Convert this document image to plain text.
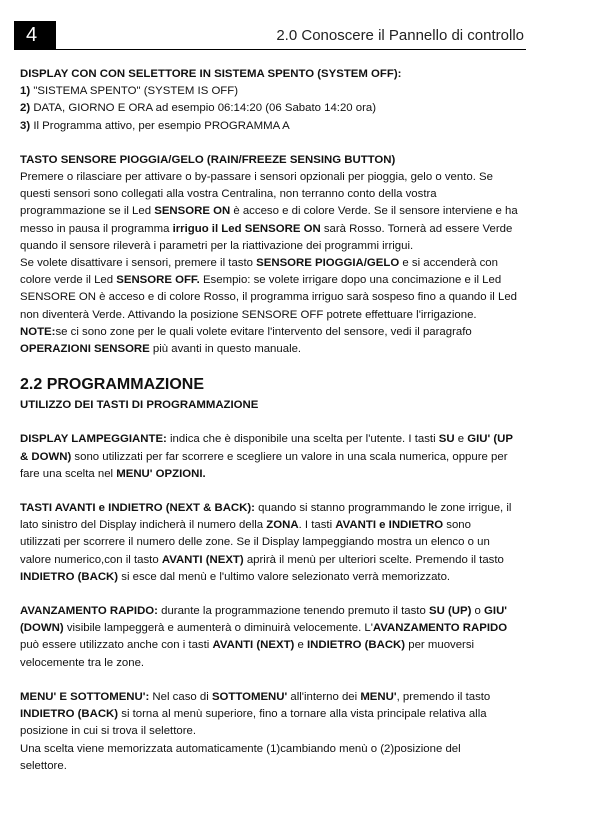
4	2.0 Conoscere il Pannello di controllo
DISPLAY CON CON SELETTORE IN SISTEMA SPENTO (SYSTEM OFF):
1) "SISTEMA SPENTO" (SYSTEM IS OFF)
2) DATA, GIORNO E ORA ad esempio 06:14:20 (06 Sabato 14:20 ora)
3) Il Programma attivo, per esempio PROGRAMMA A
TASTO SENSORE PIOGGIA/GELO (RAIN/FREEZE SENSING BUTTON)
Premere o rilasciare per attivare o by-passare i sensori opzionali per pioggia, gelo o vento. Se
questi sensori sono collegati alla vostra Centralina, non terranno conto della vostra
programmazione se il Led SENSORE ON è acceso e di colore Verde. Se il sensore interviene e ha
messo in pausa il programma irriguo il Led SENSORE ON sarà Rosso. Tornerà ad essere Verde
quando il sensore rileverà i parametri per la riattivazione dei programmi irrigui.
Se volete disattivare i sensori, premere il tasto SENSORE PIOGGIA/GELO e si accenderà con
colore verde il Led SENSORE OFF. Esempio: se volete irrigare dopo una concimazione e il Led
SENSORE ON è acceso e di colore Rosso, il programma irriguo sarà sospeso fino a quando il Led
non diventerà Verde. Attivando la posizione SENSORE OFF potrete effettuare l'irrigazione.
NOTE:se ci sono zone per le quali volete evitare l'intervento del sensore, vedi il paragrafo
OPERAZIONI SENSORE più avanti in questo manuale.
2.2 PROGRAMMAZIONE
UTILIZZO DEI TASTI DI PROGRAMMAZIONE
DISPLAY LAMPEGGIANTE: indica che è disponibile una scelta per l'utente. I tasti SU e GIU' (UP
& DOWN) sono utilizzati per far scorrere e scegliere un valore in una scala numerica, oppure per
fare una scelta nel MENU' OPZIONI.
TASTI AVANTI e INDIETRO (NEXT & BACK): quando si stanno programmando le zone irrigue, il
lato sinistro del Display indicherà il numero della ZONA. I tasti AVANTI e INDIETRO sono
utilizzati per scorrere il numero delle zone. Se il Display lampeggiando mostra un elenco o un
valore numerico,con il tasto AVANTI (NEXT) aprirà il menù per ulteriori scelte. Premendo il tasto
INDIETRO (BACK) si esce dal menù e l'ultimo valore selezionato verrà memorizzato.
AVANZAMENTO RAPIDO: durante la programmazione tenendo premuto il tasto SU (UP) o GIU'
(DOWN) visibile lampeggerà e aumenterà o diminuirà velocemente. L'AVANZAMENTO RAPIDO
può essere utilizzato anche con i tasti AVANTI (NEXT) e INDIETRO (BACK) per muoversi
velocemente tra le zone.
MENU' E SOTTOMENU': Nel caso di SOTTOMENU' all'interno dei MENU', premendo il tasto
INDIETRO (BACK) si torna al menù superiore, fino a tornare alla vista principale relativa alla
posizione in cui si trova il selettore.
Una scelta viene memorizzata automaticamente (1)cambiando menù o (2)posizione del
selettore.
